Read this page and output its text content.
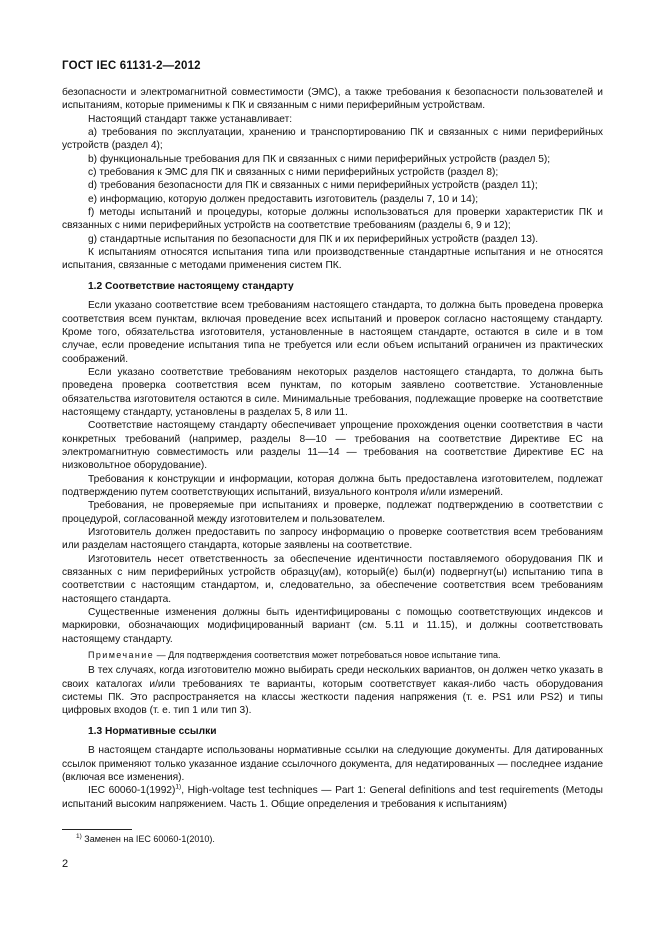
ГОСТ IEC 61131-2—2012

безопасности и электромагнитной совместимости (ЭМС), а также требования к безопасности пользователей и испытаниям, которые применимы к ПК и связанным с ними периферийным устройствам.

Настоящий стандарт также устанавливает:

a) требования по эксплуатации, хранению и транспортированию ПК и связанных с ними периферийных устройств (раздел 4);

b) функциональные требования для ПК и связанных с ними периферийных устройств (раздел 5);

c) требования к ЭМС для ПК и связанных с ними периферийных устройств (раздел 8);

d) требования безопасности для ПК и связанных с ними периферийных устройств (раздел 11);

e) информацию, которую должен предоставить изготовитель (разделы 7, 10 и 14);

f) методы испытаний и процедуры, которые должны использоваться для проверки характеристик ПК и связанных с ними периферийных устройств на соответствие требованиям (разделы 6, 9 и 12);

g) стандартные испытания по безопасности для ПК и их периферийных устройств (раздел 13).

К испытаниям относятся испытания типа или производственные стандартные испытания и не относятся испытания, связанные с методами применения систем ПК.

1.2 Соответствие настоящему стандарту

Если указано соответствие всем требованиям настоящего стандарта, то должна быть проведена проверка соответствия всем пунктам, включая проведение всех испытаний и проверок согласно настоящему стандарту. Кроме того, обязательства изготовителя, установленные в настоящем стандарте, остаются в силе и в том случае, если проведение испытания типа не требуется или если объем испытаний ограничен из практических соображений.

Если указано соответствие требованиям некоторых разделов настоящего стандарта, то должна быть проведена проверка соответствия всем пунктам, по которым заявлено соответствие. Установленные обязательства изготовителя остаются в силе. Минимальные требования, подлежащие проверке на соответствие настоящему стандарту, установлены в разделах 5, 8 или 11.

Соответствие настоящему стандарту обеспечивает упрощение прохождения оценки соответствия в части конкретных требований (например, разделы 8—10 — требования на соответствие Директиве ЕС на электромагнитную совместимость или разделы 11—14 — требования на соответствие Директиве ЕС на низковольтное оборудование).

Требования к конструкции и информации, которая должна быть предоставлена изготовителем, подлежат подтверждению путем соответствующих испытаний, визуального контроля и/или измерений.

Требования, не проверяемые при испытаниях и проверке, подлежат подтверждению в соответствии с процедурой, согласованной между изготовителем и пользователем.

Изготовитель должен предоставить по запросу информацию о проверке соответствия всем требованиям или разделам настоящего стандарта, которые заявлены на соответствие.

Изготовитель несет ответственность за обеспечение идентичности поставляемого оборудования ПК и связанных с ним периферийных устройств образцу(ам), который(е) был(и) подвергнут(ы) испытанию типа в соответствии с настоящим стандартом, и, следовательно, за обеспечение соответствия всем требованиям настоящего стандарта.

Существенные изменения должны быть идентифицированы с помощью соответствующих индексов и маркировки, обозначающих модифицированный вариант (см. 5.11 и 11.15), и должны соответствовать настоящему стандарту.

Примечание — Для подтверждения соответствия может потребоваться новое испытание типа.

В тех случаях, когда изготовителю можно выбирать среди нескольких вариантов, он должен четко указать в своих каталогах и/или требованиях те варианты, которым соответствует какая-либо часть оборудования системы ПК. Это распространяется на классы жесткости падения напряжения (т. е. PS1 или PS2) и типы цифровых входов (т. е. тип 1 или тип 3).

1.3 Нормативные ссылки

В настоящем стандарте использованы нормативные ссылки на следующие документы. Для датированных ссылок применяют только указанное издание ссылочного документа, для недатированных — последнее издание (включая все изменения).

IEC $60060-1(1992)^{1)}$, High-voltage test techniques — Part 1: General definitions and test requirements (Методы испытаний высоким напряжением. Часть 1. Общие определения и требования к испытаниям)

$^{1)}$ Заменен на IEC 60060-1(2010).
2
